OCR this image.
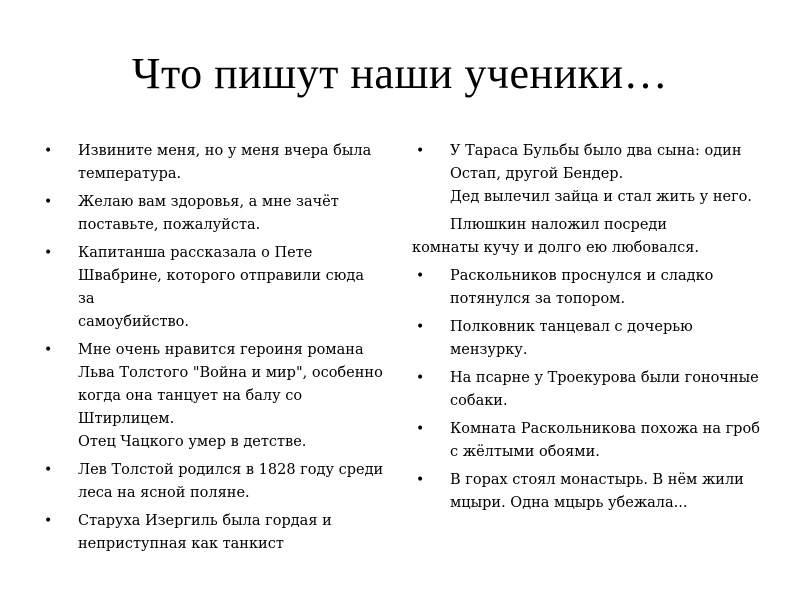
Что пишут наши ученики…
• Извините меня, но у меня вчера была
температура.
• Желаю вам здоровья, а мне зачёт
поставьте, пожалуйста.
• Капитанша рассказала о Пете
Швабрине, которого отправили сюда за
самоубийство.
• Мне очень нравится героиня романа
Льва Толстого "Война и мир", особенно
когда она танцует на балу со
Штирлицем.
Отец Чацкого умер в детстве.
• Лев Толстой родился в 1828 году среди
леса на ясной поляне.
• Старуха Изергиль была гордая и
неприступная как танкист
• У Тараса Бульбы было два сына: один
Остап, другой Бендер.
Дед вылечил зайца и стал жить у него.
Плюшкин наложил посреди
комнаты кучу и долго ею любовался.
• Раскольников проснулся и сладко
потянулся за топором.
• Полковник танцевал с дочерью
мензурку.
• На псарне у Троекурова были гоночные
собаки.
• Комната Раскольникова похожа на гроб
с жёлтыми обоями.
• В горах стоял монастырь. В нём жили
мцыри. Одна мцырь убежала...
